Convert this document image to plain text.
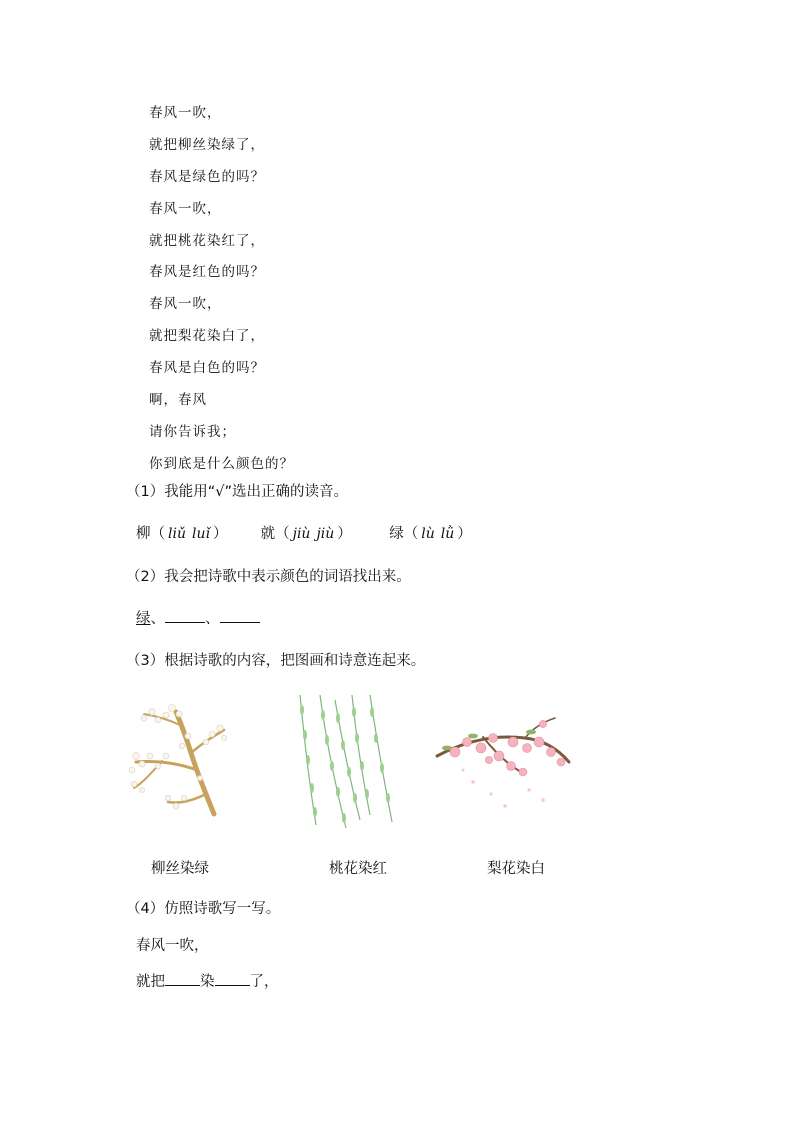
春风一吹，
就把柳丝染绿了，
春风是绿色的吗？
春风一吹，
就把桃花染红了，
春风是红色的吗？
春风一吹，
就把梨花染白了，
春风是白色的吗？
啊，春风
请你告诉我；
你到底是什么颜色的？
（1）我能用“√”选出正确的读音。
柳（ liǔ luǐ ） 就（ jiù jiù ）	绿（ lù lǜ ）
（2）我会把诗歌中表示颜色的词语找出来。
绿、	、
（3）根据诗歌的内容，把图画和诗意连起来。
柳丝染绿	桃花染红	梨花染白
（4）仿照诗歌写一写。
春风一吹，
就把 染 了，
